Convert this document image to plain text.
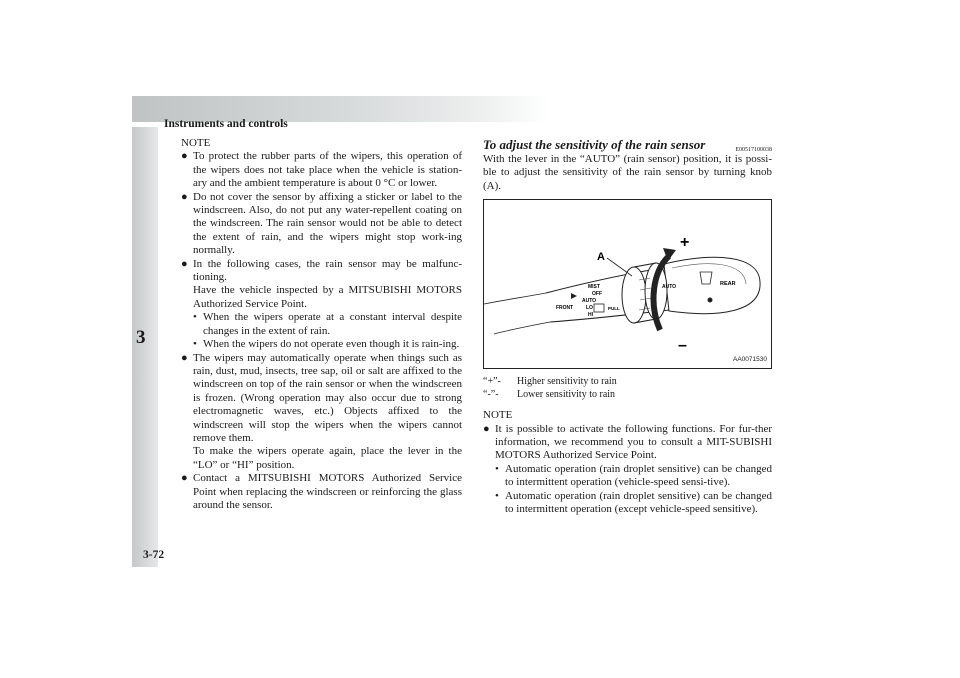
Instruments and controls
3
3-72
NOTE
● To protect the rubber parts of the wipers, this operation of the wipers does not take place when the vehicle is station-ary and the ambient temperature is about 0 °C or lower.
● Do not cover the sensor by affixing a sticker or label to the windscreen. Also, do not put any water-repellent coating on the windscreen. The rain sensor would not be able to detect the extent of rain, and the wipers might stop work-ing normally.
● In the following cases, the rain sensor may be malfunc-tioning.
Have the vehicle inspected by a MITSUBISHI MOTORS Authorized Service Point.
• When the wipers operate at a constant interval despite changes in the extent of rain.
• When the wipers do not operate even though it is rain-ing.
● The wipers may automatically operate when things such as rain, dust, mud, insects, tree sap, oil or salt are affixed to the windscreen on top of the rain sensor or when the windscreen is frozen. (Wrong operation may also occur due to strong electromagnetic waves, etc.) Objects affixed to the windscreen will stop the wipers when the wipers cannot remove them.
To make the wipers operate again, place the lever in the “LO” or “HI” position.
● Contact a MITSUBISHI MOTORS Authorized Service Point when replacing the windscreen or reinforcing the glass around the sensor.
To adjust the sensitivity of the rain sensor	E00517100038
With the lever in the “AUTO” (rain sensor) position, it is possi-ble to adjust the sensitivity of the rain sensor by turning knob (A).
A
+
–
REAR
AUTO
MIST
OFF
AUTO
LO
HI
FRONT	PULL
AA0071530
“+”-	Higher sensitivity to rain
“-”-	Lower sensitivity to rain
NOTE
● It is possible to activate the following functions. For fur-ther information, we recommend you to consult a MIT-SUBISHI MOTORS Authorized Service Point.
• Automatic operation (rain droplet sensitive) can be changed to intermittent operation (vehicle-speed sensi-tive).
• Automatic operation (rain droplet sensitive) can be changed to intermittent operation (except vehicle-speed sensitive).
